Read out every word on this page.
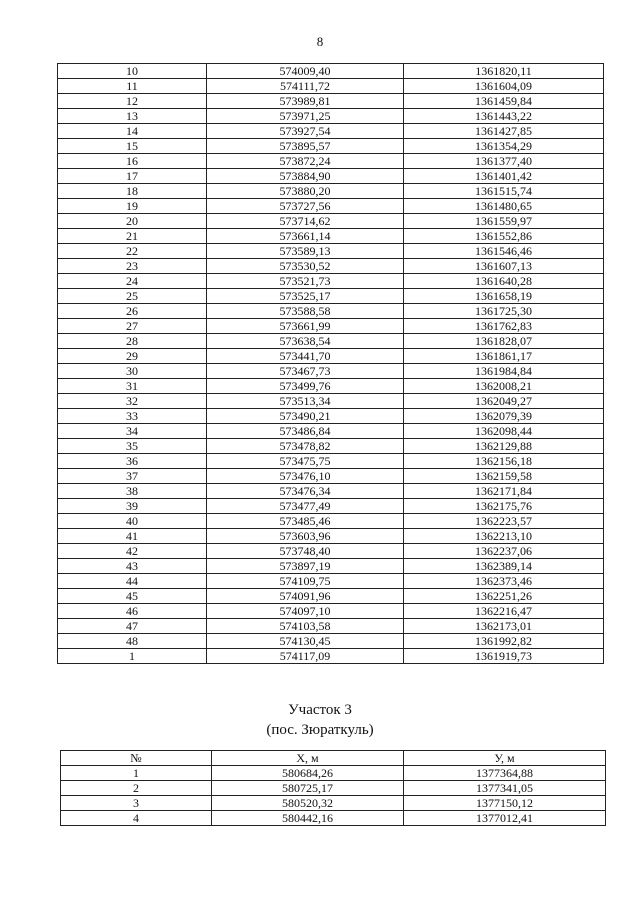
8
10	574009,40	1361820,11
11	574111,72	1361604,09
12	573989,81	1361459,84
13	573971,25	1361443,22
14	573927,54	1361427,85
15	573895,57	1361354,29
16	573872,24	1361377,40
17	573884,90	1361401,42
18	573880,20	1361515,74
19	573727,56	1361480,65
20	573714,62	1361559,97
21	573661,14	1361552,86
22	573589,13	1361546,46
23	573530,52	1361607,13
24	573521,73	1361640,28
25	573525,17	1361658,19
26	573588,58	1361725,30
27	573661,99	1361762,83
28	573638,54	1361828,07
29	573441,70	1361861,17
30	573467,73	1361984,84
31	573499,76	1362008,21
32	573513,34	1362049,27
33	573490,21	1362079,39
34	573486,84	1362098,44
35	573478,82	1362129,88
36	573475,75	1362156,18
37	573476,10	1362159,58
38	573476,34	1362171,84
39	573477,49	1362175,76
40	573485,46	1362223,57
41	573603,96	1362213,10
42	573748,40	1362237,06
43	573897,19	1362389,14
44	574109,75	1362373,46
45	574091,96	1362251,26
46	574097,10	1362216,47
47	574103,58	1362173,01
48	574130,45	1361992,82
1	574117,09	1361919,73
Участок 3
(пос. Зюраткуль)
№	Х, м	У, м
1	580684,26	1377364,88
2	580725,17	1377341,05
3	580520,32	1377150,12
4	580442,16	1377012,41
